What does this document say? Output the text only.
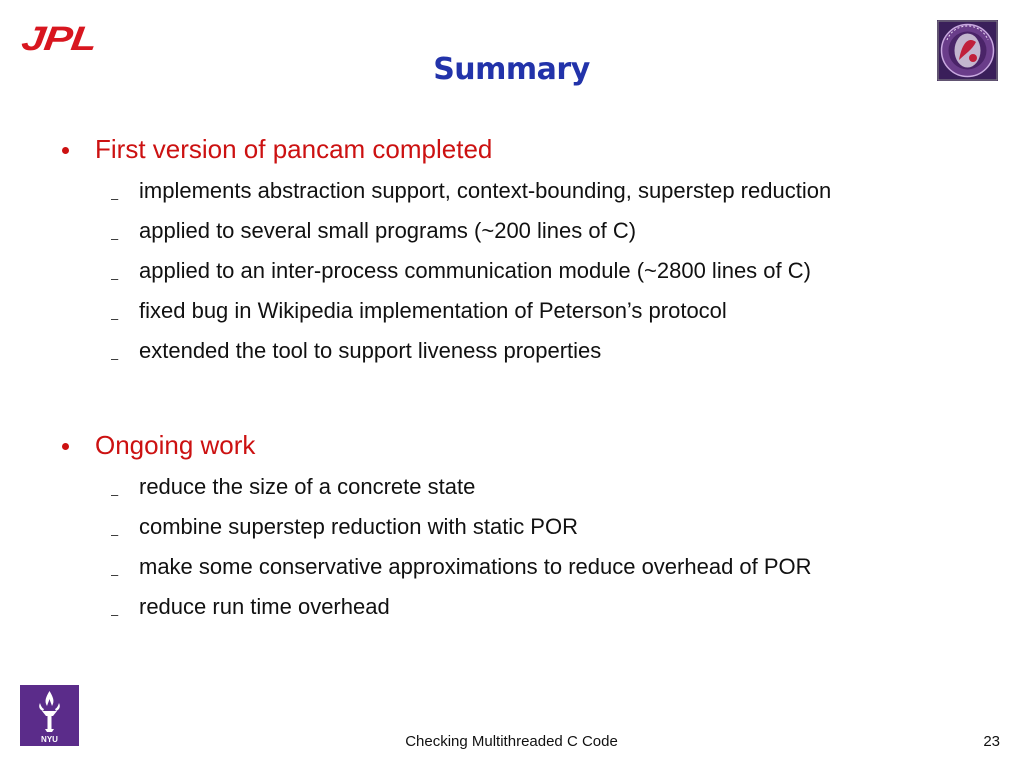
JPL
Summary
First version of pancam completed
– implements abstraction support, context-bounding, superstep reduction
– applied to several small programs (~200 lines of C)
– applied to an inter-process communication module (~2800 lines of C)
– fixed bug in Wikipedia implementation of Peterson’s protocol
– extended the tool to support liveness properties
Ongoing work
– reduce the size of a concrete state
– combine superstep reduction with static POR
– make some conservative approximations to reduce overhead of POR
– reduce run time overhead
NYU	Checking Multithreaded C Code	23
